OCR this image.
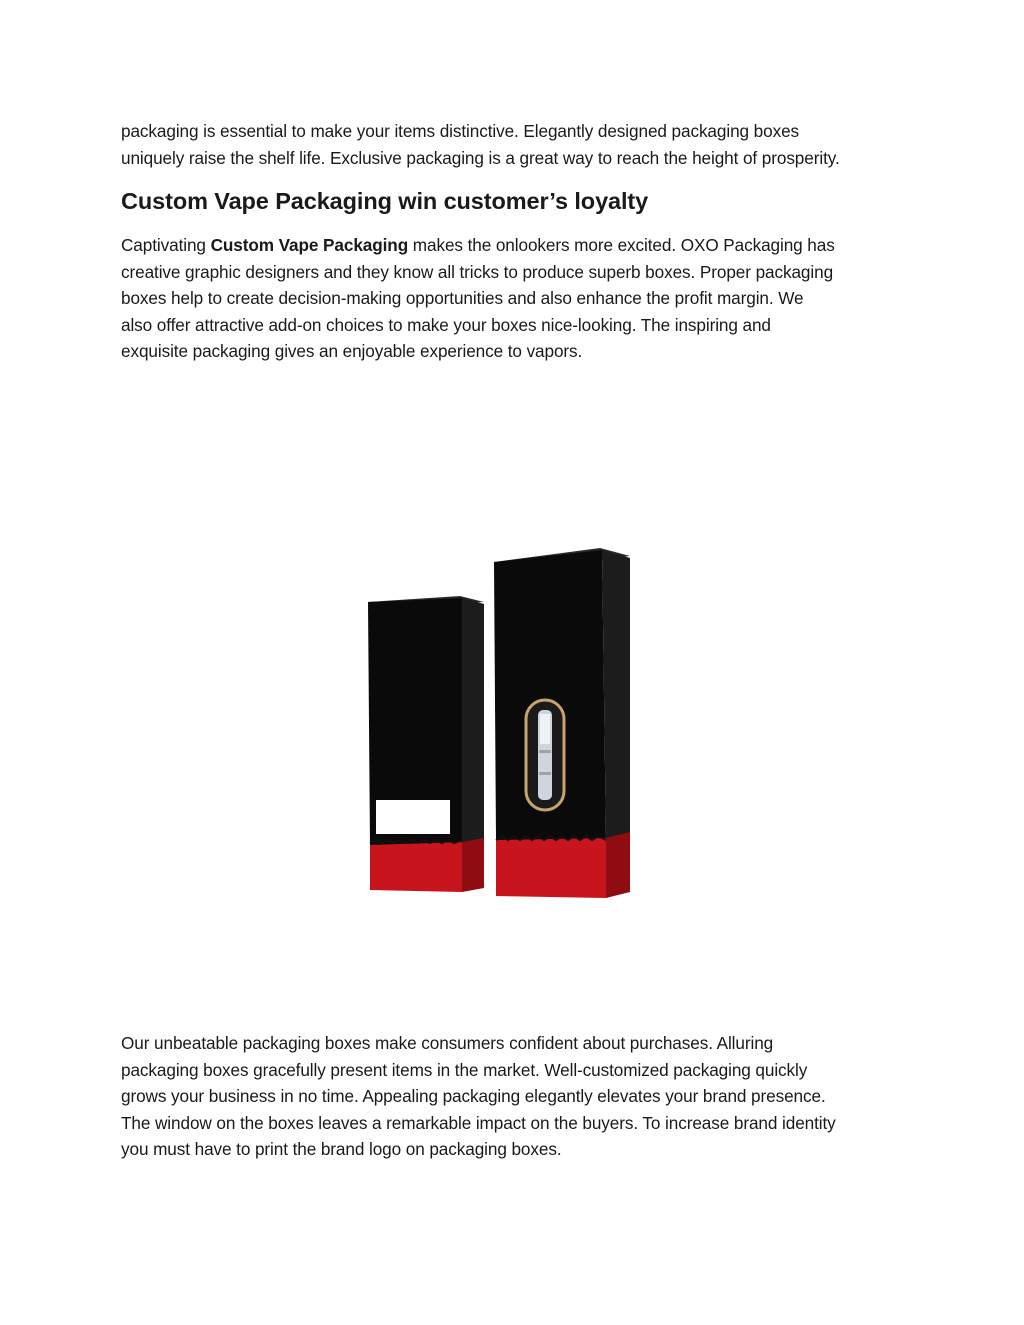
packaging is essential to make your items distinctive. Elegantly designed packaging boxes
uniquely raise the shelf life. Exclusive packaging is a great way to reach the height of prosperity.
Custom Vape Packaging win customer’s loyalty
Captivating Custom Vape Packaging makes the onlookers more excited. OXO Packaging has
creative graphic designers and they know all tricks to produce superb boxes. Proper packaging
boxes help to create decision-making opportunities and also enhance the profit margin. We
also offer attractive add-on choices to make your boxes nice-looking. The inspiring and
exquisite packaging gives an enjoyable experience to vapors.
Our unbeatable packaging boxes make consumers confident about purchases. Alluring
packaging boxes gracefully present items in the market. Well-customized packaging quickly
grows your business in no time. Appealing packaging elegantly elevates your brand presence.
The window on the boxes leaves a remarkable impact on the buyers. To increase brand identity
you must have to print the brand logo on packaging boxes.
